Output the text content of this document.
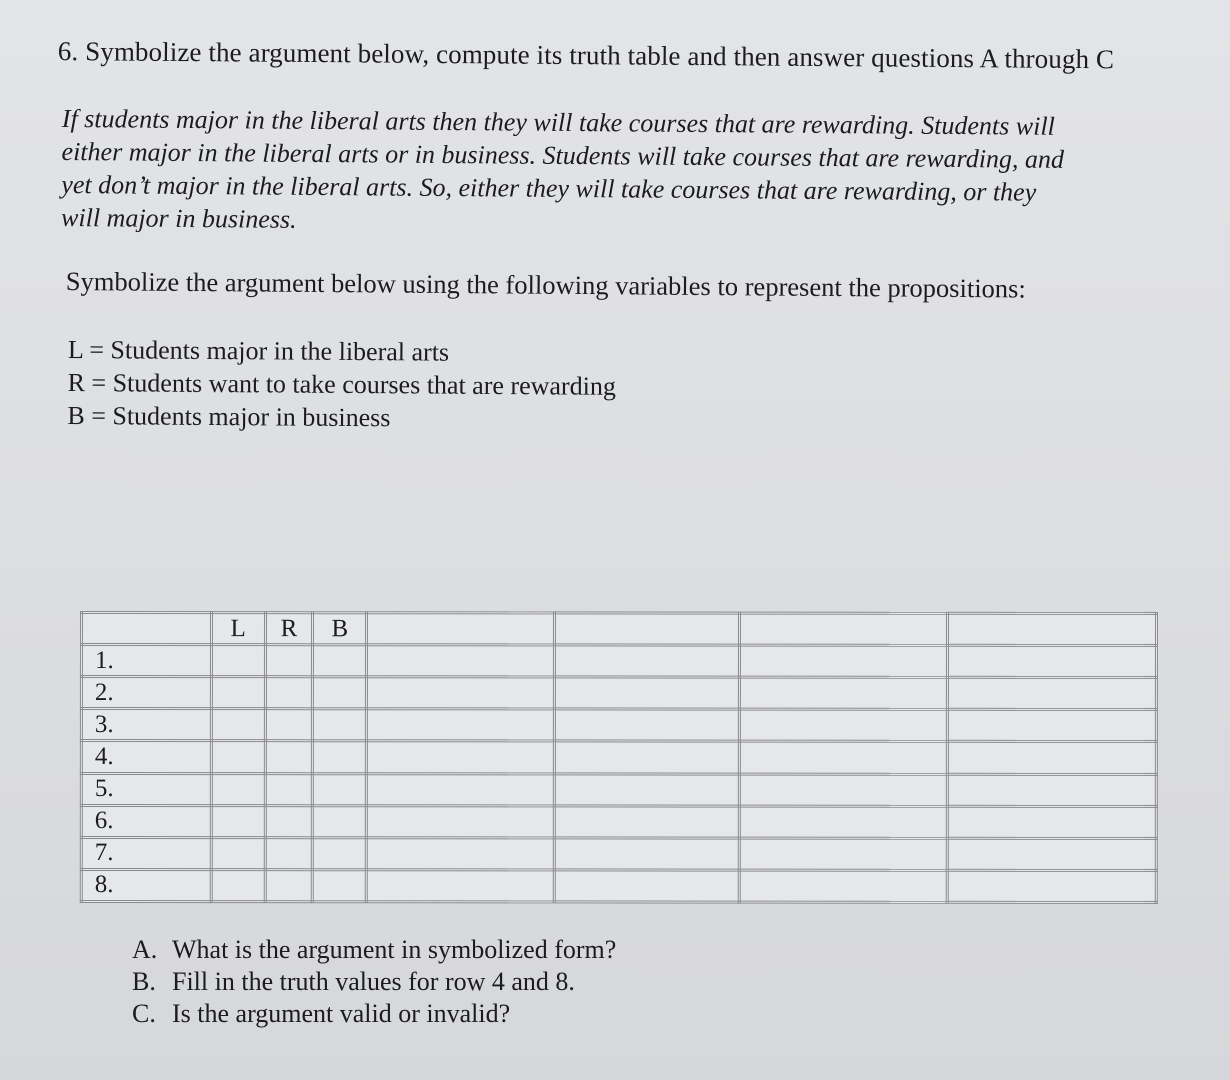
6. Symbolize the argument below, compute its truth table and then answer questions A through C
If students major in the liberal arts then they will take courses that are rewarding. Students will
either major in the liberal arts or in business. Students will take courses that are rewarding, and
yet don’t major in the liberal arts. So, either they will take courses that are rewarding, or they
will major in business.
Symbolize the argument below using the following variables to represent the propositions:
L = Students major in the liberal arts
R = Students want to take courses that are rewarding
B = Students major in business
	L	R	B				
1.							
2.							
3.							
4.							
5.							
6.							
7.							
8.							
A. What is the argument in symbolized form?
B. Fill in the truth values for row 4 and 8.
C. Is the argument valid or invalid?
